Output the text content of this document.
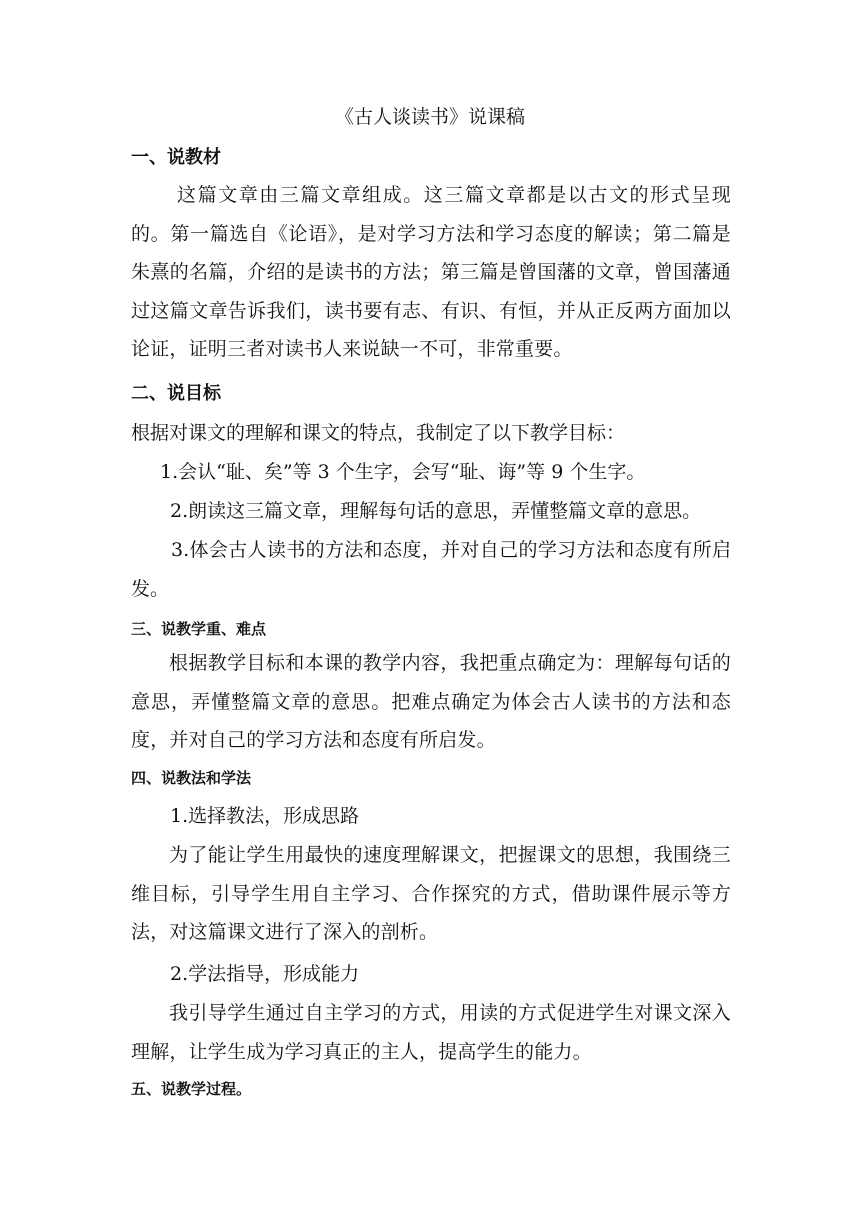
《古人谈读书》说课稿
一、说教材
这篇文章由三篇文章组成。这三篇文章都是以古文的形式呈现的。第一篇选自《论语》，是对学习方法和学习态度的解读；第二篇是朱熹的名篇，介绍的是读书的方法；第三篇是曾国藩的文章，曾国藩通过这篇文章告诉我们，读书要有志、有识、有恒，并从正反两方面加以论证，证明三者对读书人来说缺一不可，非常重要。
二、说目标
根据对课文的理解和课文的特点，我制定了以下教学目标：
1.会认“耻、矣”等 3 个生字，会写“耻、诲”等 9 个生字。
2.朗读这三篇文章，理解每句话的意思，弄懂整篇文章的意思。
3.体会古人读书的方法和态度，并对自己的学习方法和态度有所启发。
三、说教学重、难点
根据教学目标和本课的教学内容，我把重点确定为：理解每句话的意思，弄懂整篇文章的意思。把难点确定为体会古人读书的方法和态度，并对自己的学习方法和态度有所启发。
四、说教法和学法
1.选择教法，形成思路
为了能让学生用最快的速度理解课文，把握课文的思想，我围绕三维目标，引导学生用自主学习、合作探究的方式，借助课件展示等方法，对这篇课文进行了深入的剖析。
2.学法指导，形成能力
我引导学生通过自主学习的方式，用读的方式促进学生对课文深入理解，让学生成为学习真正的主人，提高学生的能力。
五、说教学过程。
